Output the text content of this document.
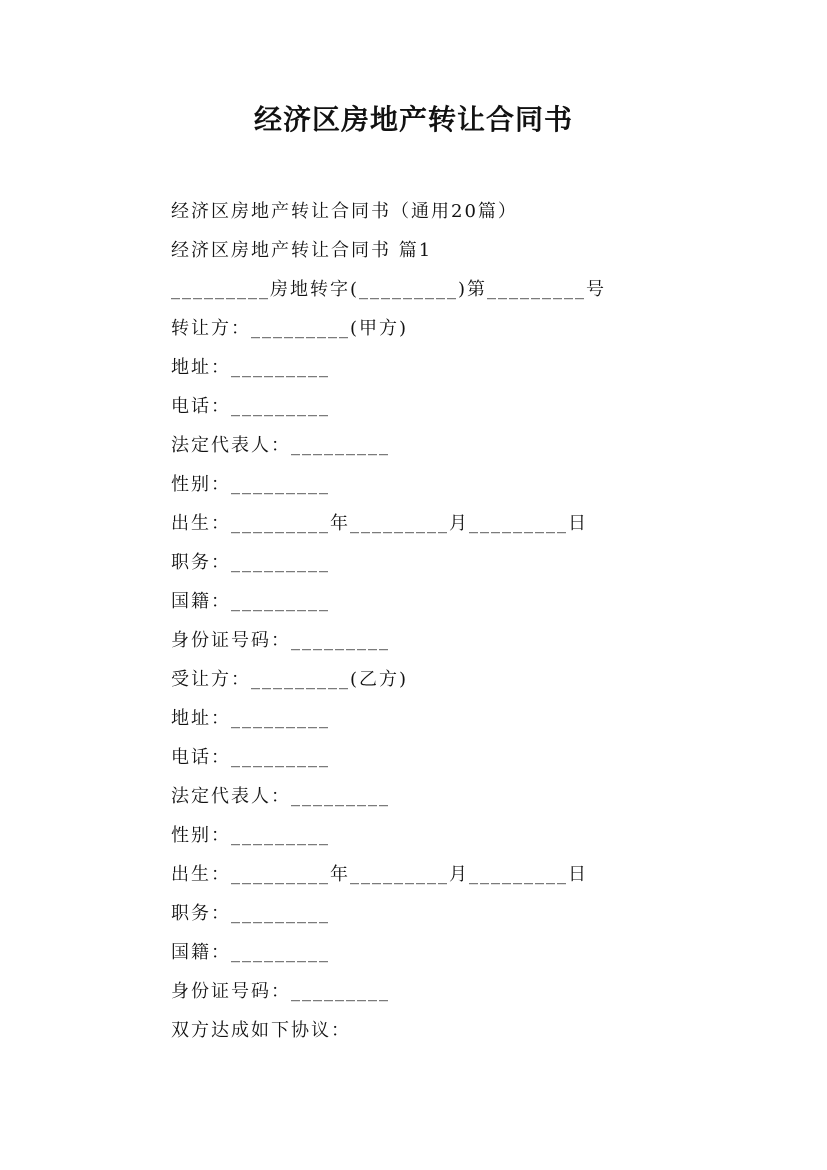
经济区房地产转让合同书
经济区房地产转让合同书（通用20篇）
经济区房地产转让合同书 篇1
_________房地转字(_________)第_________号
转让方：_________(甲方)
地址：_________
电话：_________
法定代表人：_________
性别：_________
出生：_________年_________月_________日
职务：_________
国籍：_________
身份证号码：_________
受让方：_________(乙方)
地址：_________
电话：_________
法定代表人：_________
性别：_________
出生：_________年_________月_________日
职务：_________
国籍：_________
身份证号码：_________
双方达成如下协议：
